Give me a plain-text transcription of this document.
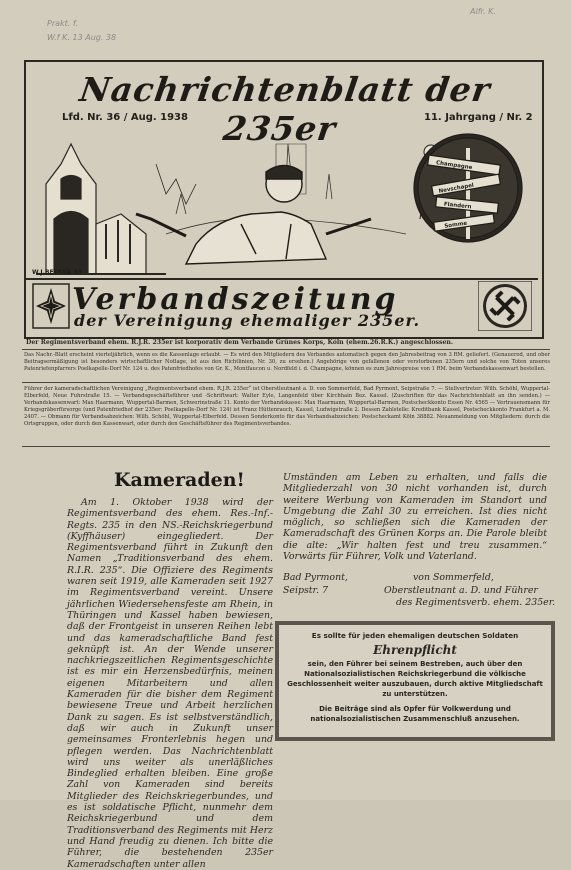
Prakt. f.
W.f K. 13 Aug. 38
Alfr. K.
Nachrichtenblatt der 235er
Lfd. Nr. 36 / Aug. 1938	11. Jahrgang / Nr. 2
Champagne
Nevschapel
Flandern
Somme
W.J.BECKER 33
Verbandszeitung
der Vereinigung ehemaliger 235er.
Der Regimentsverband ehem. R.J.R. 235er ist korporativ dem Verbande Grünes Korps, Köln (ehem.26.R.K.) angeschlossen.
Das Nachr.-Blatt erscheint vierteljährlich, wenn es die Kassenlage erlaubt. — Es wird den Mitgliedern des Verbandes automatisch gegen den Jahresbeitrag von 3 RM. geliefert. (Genauerod, und ober Beitragsermäßigung ist besonders wirtschaftlicher Notlage, ist aus den Richtlinien, Nr. 30, zu ersehen.) Angehörige von gefallenen oder verstorbenen 235ern und solche von Toten unseres Patenriefenpfarrers Poelkapelle-Dorf Nr. 124 u. des Patenfriedhofes von Gr. K., Montfaucon u. Nordfeld i. d. Champagne, können es zum Jahrespreise von 1 RM. beim Verbandskassenwart bestellen.
Führer der kameradschaftlichen Vereinigung „Regimentsverband ehem. R.J.R. 235er“ ist Oberstleutnant a. D. von Sommerfeld, Bad Pyrmont, Seipstraße 7. — Stellvertreter: Wilh. Schöhl, Wuppertal-Elberfeld, Neue Fuhrstraße 15. — Verbandsgeschäftsführer und -Schriftwart: Walter Eyle, Langenfeld über Kirchhain Bez. Kassel. (Zuschriften für das Nachrichtenblatt an ihn senden.) — Verbandskassenwart: Max Haarmann, Wuppertal-Barmen, Schwerinstraße 11. Konto der Verbandskasse: Max Haarmann, Wuppertal-Barmen, Postscheckkonto Essen Nr. 4565 — Vertrauensmann für Kriegsgräberfürsorge (und Patenfriedhof der 235er: Poelkapelle-Dorf Nr. 124) ist Franz Hüttenrauch, Kassel, Ludwigstraße 2. Dessen Zahlstelle: Kreditbank Kassel, Postscheckkonto Frankfurt a. M. 2407. — Obmann für Verbandsabzeichen: Wilh. Schöhl, Wuppertal-Elberfeld. Dessen Sonderkonto für das Verbandsabzeichen: Postscheckamt Köln 38882. Neuanmeldung von Mitgliedern: durch die Ortsgruppen, oder durch den Kassenwart, oder durch den Geschäftsführer des Regimentsverbandes.
Kameraden!

Am 1. Oktober 1938 wird der Regimentsverband des ehem. Res.-Inf.-Regts. 235 in den NS.-Reichskriegerbund (Kyffhäuser) eingegliedert. Der Regimentsverband führt in Zukunft den Namen „Traditionsverband des ehem. R.I.R. 235“. Die Offiziere des Regiments waren seit 1919, alle Kameraden seit 1927 im Regimentsverband vereint. Unsere jährlichen Wiedersehensfeste am Rhein, in Thüringen und Kassel haben bewiesen, daß der Frontgeist in unseren Reihen lebt und das kameradschaftliche Band fest geknüpft ist. An der Wende unserer nachkriegszeitlichen Regimentsgeschichte ist es mir ein Herzensbedürfnis, meinen eigenen Mitarbeitern und allen Kameraden für die bisher dem Regiment bewiesene Treue und Arbeit herzlichen Dank zu sagen. Es ist selbstverständlich, daß wir auch in Zukunft unser gemeinsames Fronterlebnis hegen und pflegen werden. Das Nachrichtenblatt wird uns weiter als unerläßliches Bindeglied erhalten bleiben. Eine große Zahl von Kameraden sind bereits Mitglieder des Reichskriegerbundes, und es ist soldatische Pflicht, nunmehr dem Reichskriegerbund und dem Traditionsverband des Regiments mit Herz und Hand freudig zu dienen. Ich bitte die Führer, die bestehenden 235er Kameradschaften unter allen

Umständen am Leben zu erhalten, und falls die Mitgliederzahl von 30 nicht vorhanden ist, durch weitere Werbung von Kameraden im Standort und Umgebung die Zahl 30 zu erreichen. Ist dies nicht möglich, so schließen sich die Kameraden der Kameradschaft des Grünen Korps an. Die Parole bleibt die alte: „Wir halten fest und treu zusammen.“ Vorwärts für Führer, Volk und Vaterland.

Bad Pyrmont,
Seipstr. 7
von Sommerfeld,
Oberstleutnant a. D. und Führer
des Regimentsverb. ehem. 235er.
Es sollte für jeden ehemaligen deutschen Soldaten
Ehrenpflicht
sein, den Führer bei seinem Bestreben, auch über den Nationalsozialistischen Reichskriegerbund die völkische Geschlossenheit weiter auszubauen, durch aktive Mitgliedschaft zu unterstützen.
Die Beiträge sind als Opfer für Volkwerdung und nationalsozialistischen Zusammenschluß anzusehen.
